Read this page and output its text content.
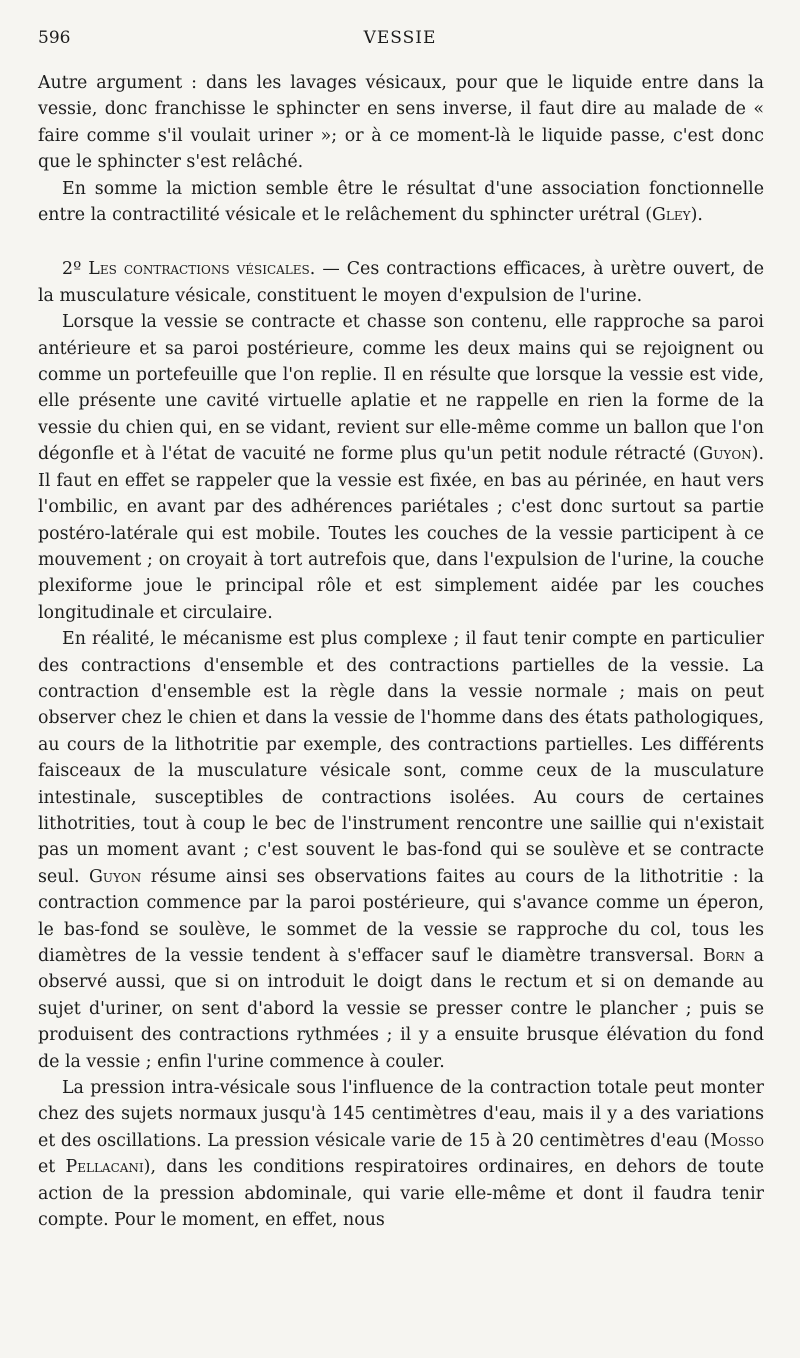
596	VESSIE

Autre argument : dans les lavages vésicaux, pour que le liquide entre dans la vessie, donc franchisse le sphincter en sens inverse, il faut dire au malade de « faire comme s'il voulait uriner »; or à ce moment-là le liquide passe, c'est donc que le sphincter s'est relâché.

En somme la miction semble être le résultat d'une association fonctionnelle entre la contractilité vésicale et le relâchement du sphincter urétral (Gley).

2º Les contractions vésicales. — Ces contractions efficaces, à urètre ouvert, de la musculature vésicale, constituent le moyen d'expulsion de l'urine.

Lorsque la vessie se contracte et chasse son contenu, elle rapproche sa paroi antérieure et sa paroi postérieure, comme les deux mains qui se rejoignent ou comme un portefeuille que l'on replie. Il en résulte que lorsque la vessie est vide, elle présente une cavité virtuelle aplatie et ne rappelle en rien la forme de la vessie du chien qui, en se vidant, revient sur elle-même comme un ballon que l'on dégonfle et à l'état de vacuité ne forme plus qu'un petit nodule rétracté (Guyon). Il faut en effet se rappeler que la vessie est fixée, en bas au périnée, en haut vers l'ombilic, en avant par des adhérences pariétales ; c'est donc surtout sa partie postéro-latérale qui est mobile. Toutes les couches de la vessie participent à ce mouvement ; on croyait à tort autrefois que, dans l'expulsion de l'urine, la couche plexiforme joue le principal rôle et est simplement aidée par les couches longitudinale et circulaire.

En réalité, le mécanisme est plus complexe ; il faut tenir compte en particulier des contractions d'ensemble et des contractions partielles de la vessie. La contraction d'ensemble est la règle dans la vessie normale ; mais on peut observer chez le chien et dans la vessie de l'homme dans des états pathologiques, au cours de la lithotritie par exemple, des contractions partielles. Les différents faisceaux de la musculature vésicale sont, comme ceux de la musculature intestinale, susceptibles de contractions isolées. Au cours de certaines lithotrities, tout à coup le bec de l'instrument rencontre une saillie qui n'existait pas un moment avant ; c'est souvent le bas-fond qui se soulève et se contracte seul. Guyon résume ainsi ses observations faites au cours de la lithotritie : la contraction commence par la paroi postérieure, qui s'avance comme un éperon, le bas-fond se soulève, le sommet de la vessie se rapproche du col, tous les diamètres de la vessie tendent à s'effacer sauf le diamètre transversal. Born a observé aussi, que si on introduit le doigt dans le rectum et si on demande au sujet d'uriner, on sent d'abord la vessie se presser contre le plancher ; puis se produisent des contractions rythmées ; il y a ensuite brusque élévation du fond de la vessie ; enfin l'urine commence à couler.

La pression intra-vésicale sous l'influence de la contraction totale peut monter chez des sujets normaux jusqu'à 145 centimètres d'eau, mais il y a des variations et des oscillations. La pression vésicale varie de 15 à 20 centimètres d'eau (Mosso et Pellacani), dans les conditions respiratoires ordinaires, en dehors de toute action de la pression abdominale, qui varie elle-même et dont il faudra tenir compte. Pour le moment, en effet, nous
